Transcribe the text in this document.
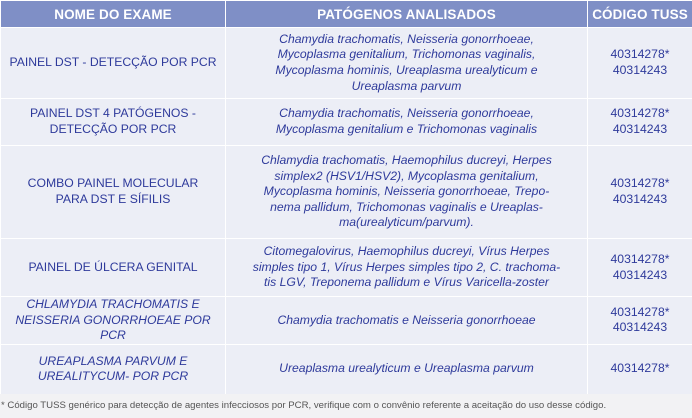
NOME DO EXAME	PATÓGENOS ANALISADOS	CÓDIGO TUSS

PAINEL DST - DETECÇÃO POR PCR	Chamydia trachomatis, Neisseria gonorrhoeae,
Mycoplasma genitalium, Trichomonas vaginalis,
Mycoplasma hominis, Ureaplasma urealyticum e
Ureaplasma parvum	40314278*
40314243

PAINEL DST 4 PATÓGENOS -
DETECÇÃO POR PCR	Chamydia trachomatis, Neisseria gonorrhoeae,
Mycoplasma genitalium e Trichomonas vaginalis	40314278*
40314243

COMBO PAINEL MOLECULAR
PARA DST E SÍFILIS	Chlamydia trachomatis, Haemophilus ducreyi, Herpes
simplex2 (HSV1/HSV2), Mycoplasma genitalium,
Mycoplasma hominis, Neisseria gonorrhoeae, Trepo-
nema pallidum, Trichomonas vaginalis e Ureaplas-
ma(urealyticum/parvum).	40314278*
40314243

PAINEL DE ÚLCERA GENITAL	Citomegalovirus, Haemophilus ducreyi, Vírus Herpes
simples tipo 1, Vírus Herpes simples tipo 2, C. trachoma-
tis LGV, Treponema pallidum e Vírus Varicella-zoster	40314278*
40314243

CHLAMYDIA TRACHOMATIS E
NEISSERIA GONORRHOEAE POR PCR	Chamydia trachomatis e Neisseria gonorrhoeae	40314278*
40314243

UREAPLASMA PARVUM E
UREALITYCUM- POR PCR	Ureaplasma urealyticum e Ureaplasma parvum	40314278*
* Código TUSS genérico para detecção de agentes infecciosos por PCR, verifique com o convênio referente a aceitação do uso desse código.
